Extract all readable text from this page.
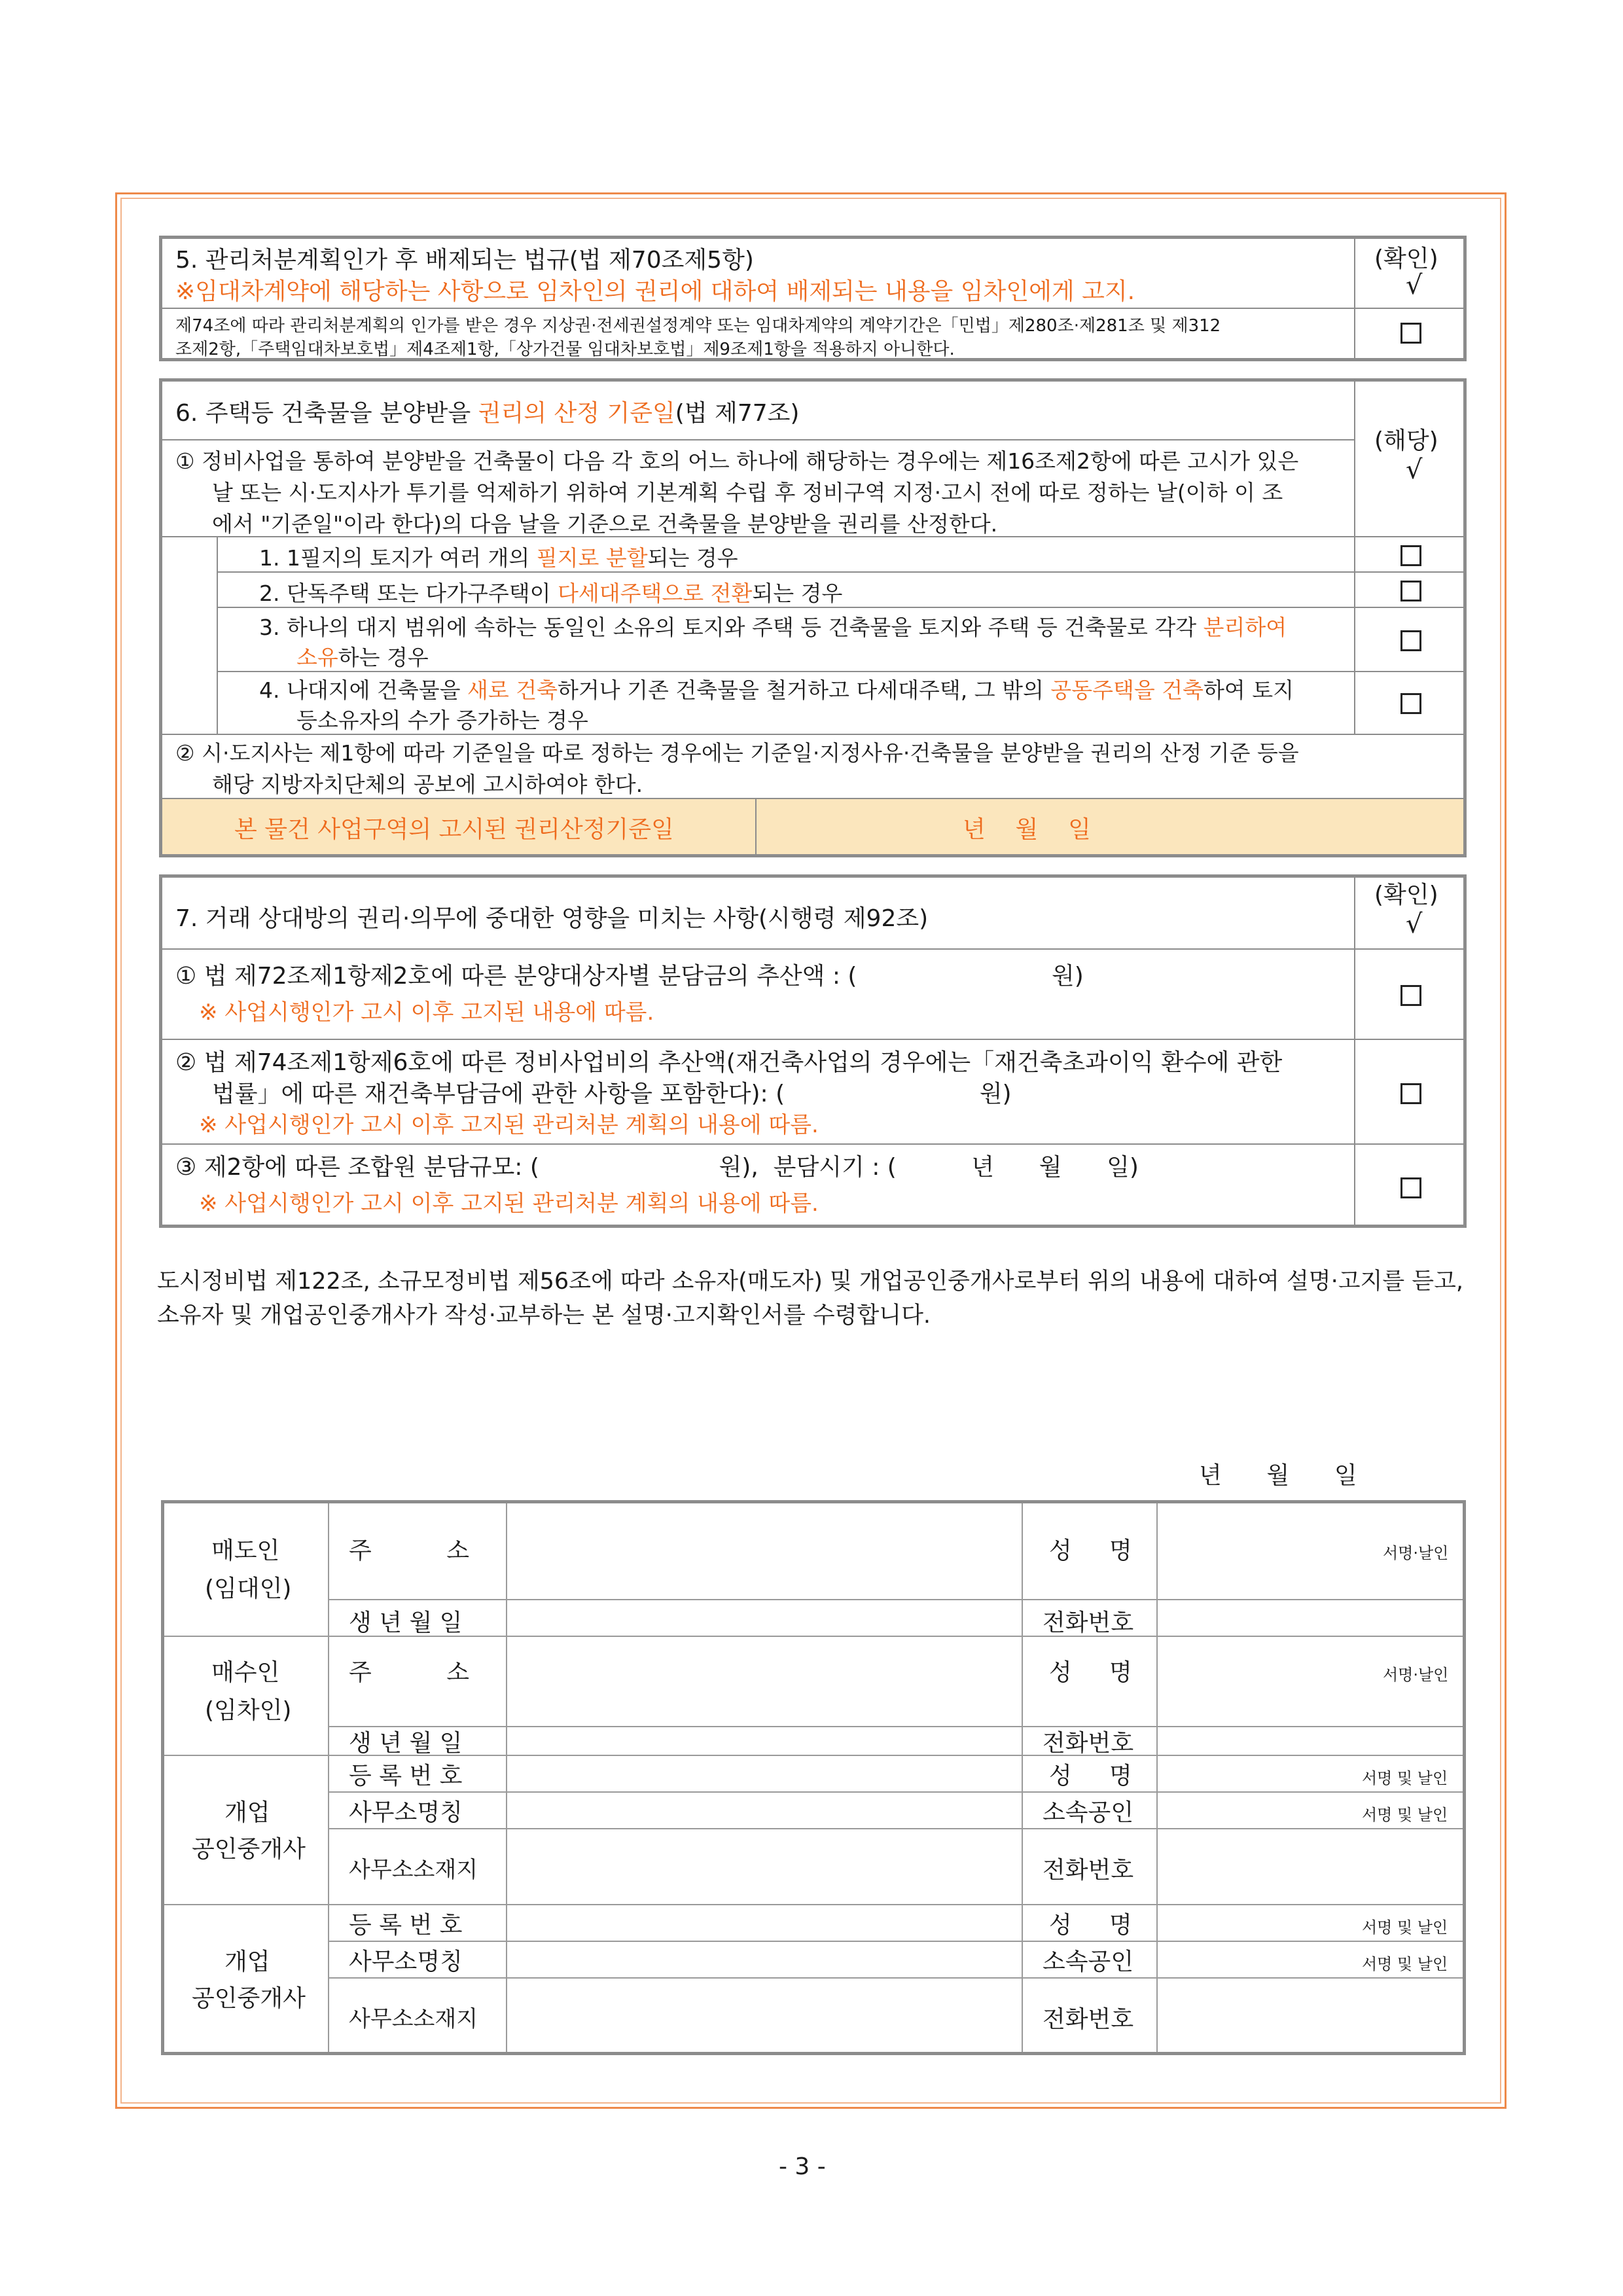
5. 관리처분계획인가 후 배제되는 법규(법 제70조제5항)
※임대차계약에 해당하는 사항으로 임차인의 권리에 대하여 배제되는 내용을 임차인에게 고지.
(확인)
√
제74조에 따라 관리처분계획의 인가를 받은 경우 지상권·전세권설정계약 또는 임대차계약의 계약기간은「민법」제280조·제281조 및 제312
조제2항,「주택임대차보호법」제4조제1항,「상가건물 임대차보호법」제9조제1항을 적용하지 아니한다.
6. 주택등 건축물을 분양받을 권리의 산정 기준일(법 제77조)
(해당)
√
① 정비사업을 통하여 분양받을 건축물이 다음 각 호의 어느 하나에 해당하는 경우에는 제16조제2항에 따른 고시가 있은
날 또는 시·도지사가 투기를 억제하기 위하여 기본계획 수립 후 정비구역 지정·고시 전에 따로 정하는 날(이하 이 조
에서 "기준일"이라 한다)의 다음 날을 기준으로 건축물을 분양받을 권리를 산정한다.
1. 1필지의 토지가 여러 개의 필지로 분할되는 경우
2. 단독주택 또는 다가구주택이 다세대주택으로 전환되는 경우
3. 하나의 대지 범위에 속하는 동일인 소유의 토지와 주택 등 건축물을 토지와 주택 등 건축물로 각각 분리하여
소유하는 경우
4. 나대지에 건축물을 새로 건축하거나 기존 건축물을 철거하고 다세대주택, 그 밖의 공동주택을 건축하여 토지
등소유자의 수가 증가하는 경우
② 시·도지사는 제1항에 따라 기준일을 따로 정하는 경우에는 기준일·지정사유·건축물을 분양받을 권리의 산정 기준 등을
해당 지방자치단체의 공보에 고시하여야 한다.
본 물건 사업구역의 고시된 권리산정기준일	년    월    일
7. 거래 상대방의 권리·의무에 중대한 영향을 미치는 사항(시행령 제92조)
(확인)
√
① 법 제72조제1항제2호에 따른 분양대상자별 분담금의 추산액 : (                          원)
※ 사업시행인가 고시 이후 고지된 내용에 따름.
② 법 제74조제1항제6호에 따른 정비사업비의 추산액(재건축사업의 경우에는「재건축초과이익 환수에 관한
법률」에 따른 재건축부담금에 관한 사항을 포함한다): (                          원)
※ 사업시행인가 고시 이후 고지된 관리처분 계획의 내용에 따름.
③ 제2항에 따른 조합원 분담규모: (                        원),  분담시기 : (          년      월      일)
※ 사업시행인가 고시 이후 고지된 관리처분 계획의 내용에 따름.
도시정비법 제122조, 소규모정비법 제56조에 따라 소유자(매도자) 및 개업공인중개사로부터 위의 내용에 대하여 설명·고지를 듣고,
소유자 및 개업공인중개사가 작성·교부하는 본 설명·고지확인서를 수령합니다.
년      월      일
매도인
(임대인)
주          소
생 년 월 일
성     명
전화번호
서명·날인
매수인
(임차인)
주          소
생 년 월 일
성     명
전화번호
서명·날인
개업
공인중개사
등 록 번 호
사무소명칭
사무소소재지
성     명
소속공인
전화번호
서명 및 날인
서명 및 날인
개업
공인중개사
등 록 번 호
사무소명칭
사무소소재지
성     명
소속공인
전화번호
서명 및 날인
서명 및 날인
- 3 -
